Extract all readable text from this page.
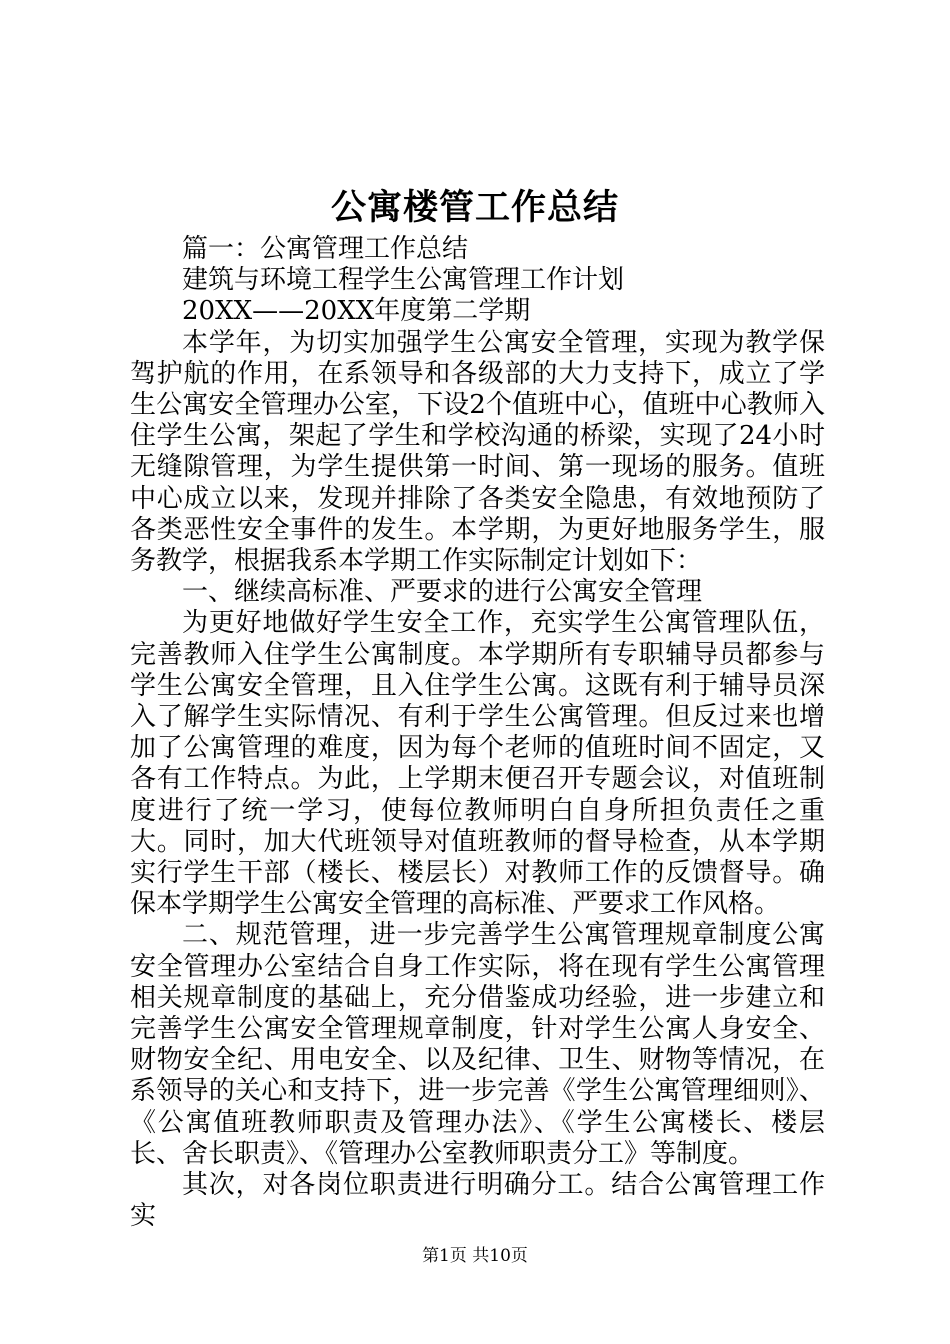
公寓楼管工作总结

篇一：公寓管理工作总结

建筑与环境工程学生公寓管理工作计划

20XX——20XX年度第二学期

本学年，为切实加强学生公寓安全管理，实现为教学保驾护航的作用，在系领导和各级部的大力支持下，成立了学生公寓安全管理办公室，下设2个值班中心，值班中心教师入住学生公寓，架起了学生和学校沟通的桥梁，实现了24小时无缝隙管理，为学生提供第一时间、第一现场的服务。值班中心成立以来，发现并排除了各类安全隐患，有效地预防了各类恶性安全事件的发生。本学期，为更好地服务学生，服务教学，根据我系本学期工作实际制定计划如下：

一、继续高标准、严要求的进行公寓安全管理

为更好地做好学生安全工作，充实学生公寓管理队伍，完善教师入住学生公寓制度。本学期所有专职辅导员都参与学生公寓安全管理，且入住学生公寓。这既有利于辅导员深入了解学生实际情况、有利于学生公寓管理。但反过来也增加了公寓管理的难度，因为每个老师的值班时间不固定，又各有工作特点。为此，上学期末便召开专题会议，对值班制度进行了统一学习，使每位教师明白自身所担负责任之重大。同时，加大代班领导对值班教师的督导检查，从本学期实行学生干部（楼长、楼层长）对教师工作的反馈督导。确保本学期学生公寓安全管理的高标准、严要求工作风格。

二、规范管理，进一步完善学生公寓管理规章制度公寓安全管理办公室结合自身工作实际，将在现有学生公寓管理相关规章制度的基础上，充分借鉴成功经验，进一步建立和完善学生公寓安全管理规章制度，针对学生公寓人身安全、财物安全纪、用电安全、以及纪律、卫生、财物等情况，在系领导的关心和支持下，进一步完善《学生公寓管理细则》、《公寓值班教师职责及管理办法》、《学生公寓楼长、楼层长、舍长职责》、《管理办公室教师职责分工》等制度。

其次，对各岗位职责进行明确分工。结合公寓管理工作实

第1页 共10页
